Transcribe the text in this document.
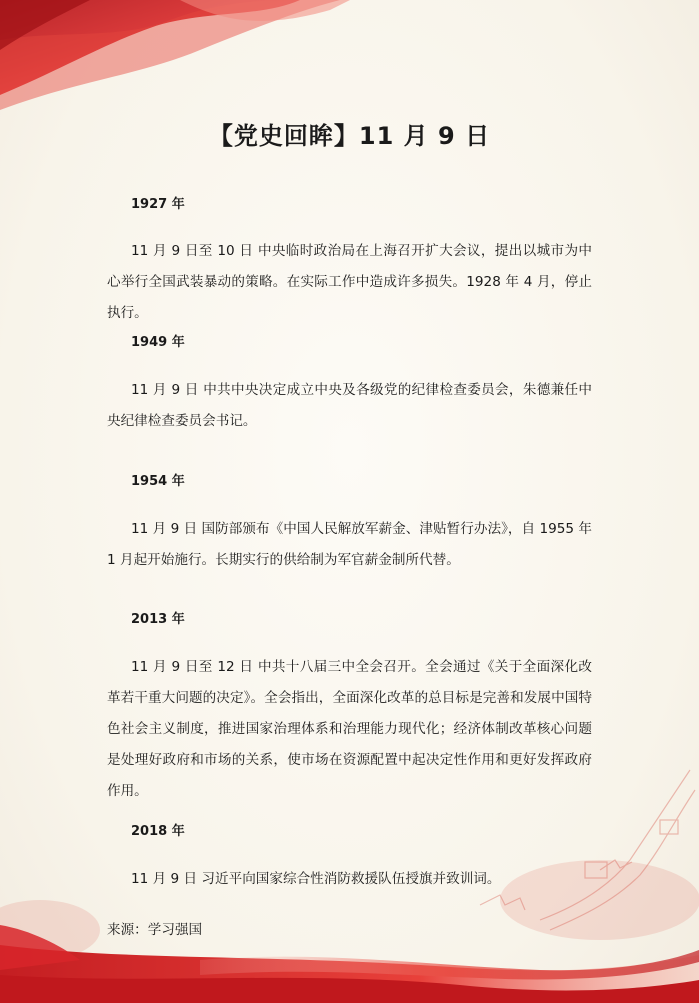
【党史回眸】11 月 9 日
1927 年
11 月 9 日至 10 日 中央临时政治局在上海召开扩大会议，提出以城市为中心举行全国武装暴动的策略。在实际工作中造成许多损失。1928 年 4 月，停止执行。
1949 年
11 月 9 日 中共中央决定成立中央及各级党的纪律检查委员会，朱德兼任中央纪律检查委员会书记。
1954 年
11 月 9 日 国防部颁布《中国人民解放军薪金、津贴暂行办法》，自 1955 年 1 月起开始施行。长期实行的供给制为军官薪金制所代替。
2013 年
11 月 9 日至 12 日 中共十八届三中全会召开。全会通过《关于全面深化改革若干重大问题的决定》。全会指出，全面深化改革的总目标是完善和发展中国特色社会主义制度，推进国家治理体系和治理能力现代化；经济体制改革核心问题是处理好政府和市场的关系，使市场在资源配置中起决定性作用和更好发挥政府作用。
2018 年
11 月 9 日 习近平向国家综合性消防救援队伍授旗并致训词。
来源：学习强国
